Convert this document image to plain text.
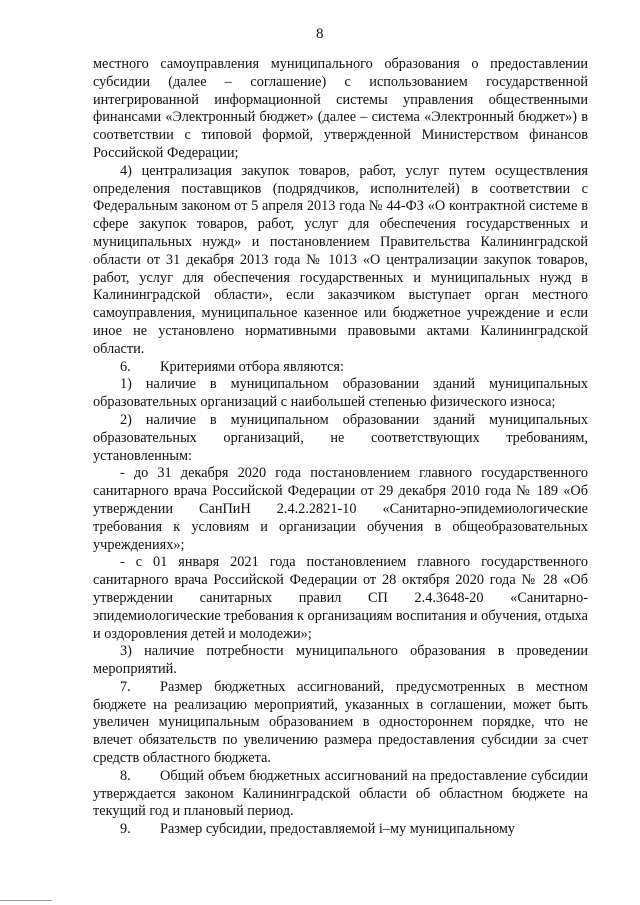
8

местного самоуправления муниципального образования о предоставлении субсидии (далее – соглашение) с использованием государственной интегрированной информационной системы управления общественными финансами «Электронный бюджет» (далее – система «Электронный бюджет») в соответствии с типовой формой, утвержденной Министерством финансов Российской Федерации;

4) централизация закупок товаров, работ, услуг путем осуществления определения поставщиков (подрядчиков, исполнителей) в соответствии с Федеральным законом от 5 апреля 2013 года № 44-ФЗ «О контрактной системе в сфере закупок товаров, работ, услуг для обеспечения государственных и муниципальных нужд» и постановлением Правительства Калининградской области от 31 декабря 2013 года № 1013 «О централизации закупок товаров, работ, услуг для обеспечения государственных и муниципальных нужд в Калининградской области», если заказчиком выступает орган местного самоуправления, муниципальное казенное или бюджетное учреждение и если иное не установлено нормативными правовыми актами Калининградской области.

6. Критериями отбора являются:

1) наличие в муниципальном образовании зданий муниципальных образовательных организаций с наибольшей степенью физического износа;

2) наличие в муниципальном образовании зданий муниципальных образовательных организаций, не соответствующих требованиям, установленным:

- до 31 декабря 2020 года постановлением главного государственного санитарного врача Российской Федерации от 29 декабря 2010 года № 189 «Об утверждении СанПиН 2.4.2.2821-10 «Санитарно-эпидемиологические требования к условиям и организации обучения в общеобразовательных учреждениях»;

- с 01 января 2021 года постановлением главного государственного санитарного врача Российской Федерации от 28 октября 2020 года № 28 «Об утверждении санитарных правил СП 2.4.3648-20 «Санитарно-эпидемиологические требования к организациям воспитания и обучения, отдыха и оздоровления детей и молодежи»;

3) наличие потребности муниципального образования в проведении мероприятий.

7. Размер бюджетных ассигнований, предусмотренных в местном бюджете на реализацию мероприятий, указанных в соглашении, может быть увеличен муниципальным образованием в одностороннем порядке, что не влечет обязательств по увеличению размера предоставления субсидии за счет средств областного бюджета.

8. Общий объем бюджетных ассигнований на предоставление субсидии утверждается законом Калининградской области об областном бюджете на текущий год и плановый период.

9. Размер субсидии, предоставляемой i–му муниципальному
